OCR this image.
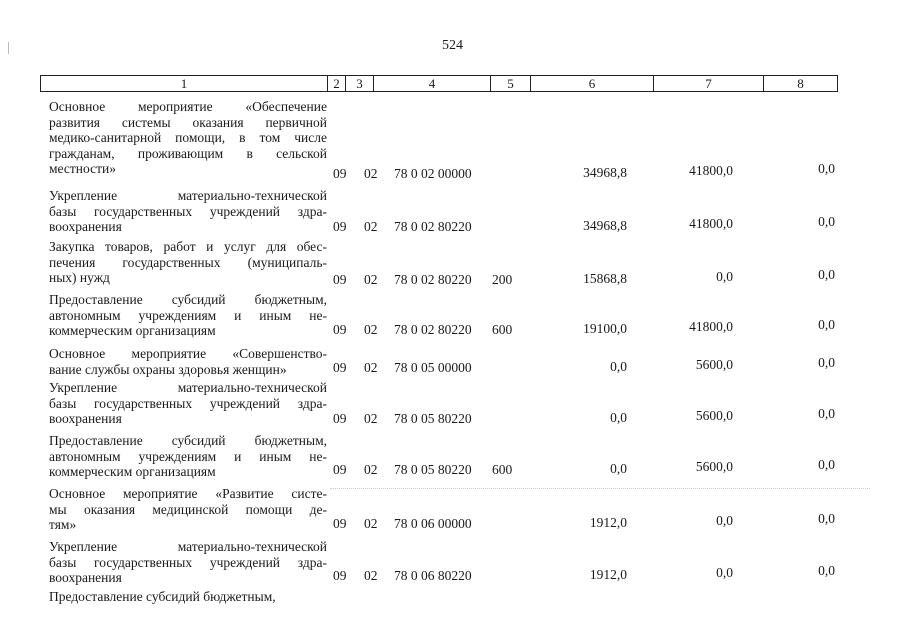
524
1	2	3	4	5	6	7	8
Основное мероприятие «Обеспечение
развития системы оказания первичной
медико-санитарной помощи, в том числе
гражданам, проживающим в сельской
местности»	09 02 78 0 02 00000	34968,8	41800,0	0,0
Укрепление материально-технической
базы государственных учреждений здра-
воохранения	09 02 78 0 02 80220	34968,8	41800,0	0,0
Закупка товаров, работ и услуг для обес-
печения государственных (муниципаль-
ных) нужд	09 02 78 0 02 80220 200	15868,8	0,0	0,0
Предоставление субсидий бюджетным,
автономным учреждениям и иным не-
коммерческим организациям	09 02 78 0 02 80220 600	19100,0	41800,0	0,0
Основное мероприятие «Совершенство-
вание службы охраны здоровья женщин»	09 02 78 0 05 00000	0,0	5600,0	0,0
Укрепление материально-технической
базы государственных учреждений здра-
воохранения	09 02 78 0 05 80220	0,0	5600,0	0,0
Предоставление субсидий бюджетным,
автономным учреждениям и иным не-
коммерческим организациям	09 02 78 0 05 80220 600	0,0	5600,0	0,0
Основное мероприятие «Развитие систе-
мы оказания медицинской помощи де-
тям»	09 02 78 0 06 00000	1912,0	0,0	0,0
Укрепление материально-технической
базы государственных учреждений здра-
воохранения	09 02 78 0 06 80220	1912,0	0,0	0,0
Предоставление субсидий бюджетным,
